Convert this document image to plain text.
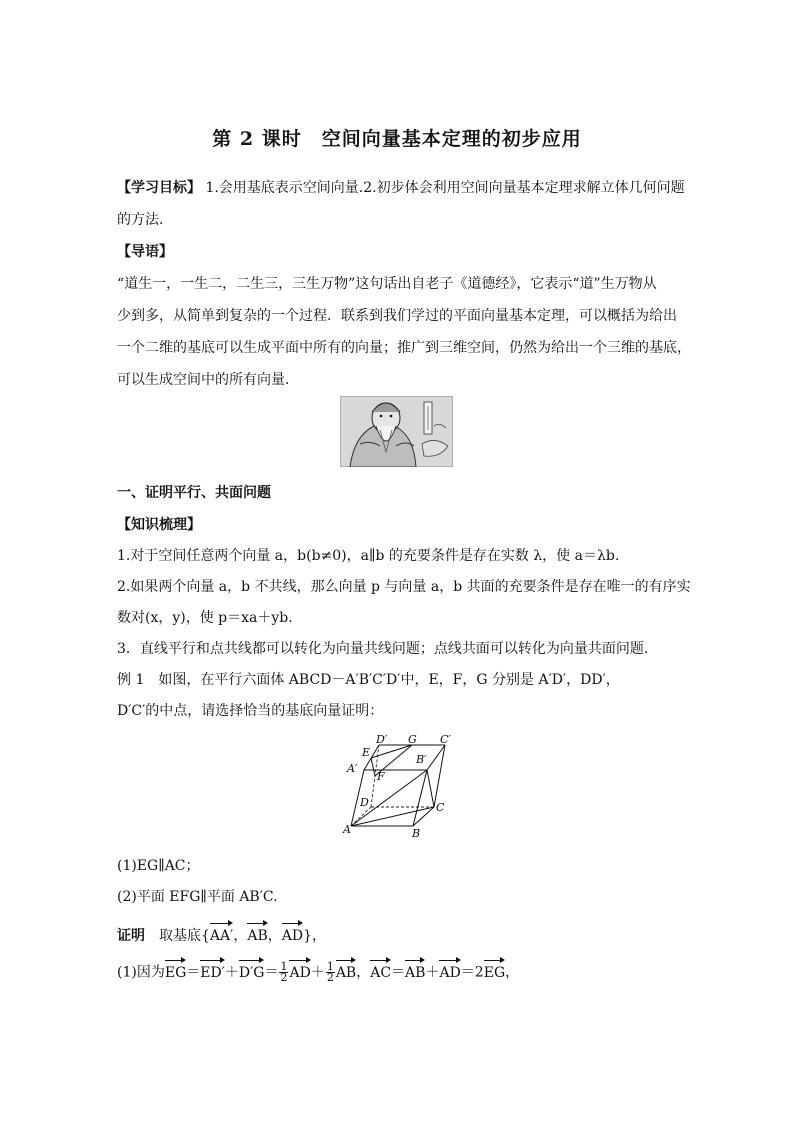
第 2 课时　空间向量基本定理的初步应用
【学习目标】 1.会用基底表示空间向量.2.初步体会利用空间向量基本定理求解立体几何问题
的方法．
【导语】
“道生一，一生二，二生三，三生万物”这句话出自老子《道德经》，它表示“道”生万物从
少到多，从简单到复杂的一个过程．联系到我们学过的平面向量基本定理，可以概括为给出
一个二维的基底可以生成平面中所有的向量；推广到三维空间，仍然为给出一个三维的基底，
可以生成空间中的所有向量．
一、证明平行、共面问题
【知识梳理】
1.对于空间任意两个向量 a，b(b≠0)，a∥b 的充要条件是存在实数 λ，使 a＝λb.
2.如果两个向量 a，b 不共线，那么向量 p 与向量 a，b 共面的充要条件是存在唯一的有序实
数对(x，y)，使 p＝xa＋yb.
3．直线平行和点共线都可以转化为向量共线问题；点线共面可以转化为向量共面问题．
例 1　如图，在平行六面体 ABCD－A′B′C′D′中，E，F，G 分别是 A′D′，DD′，
D′C′的中点，请选择恰当的基底向量证明：
D′ G C′
E
B′
A′
F
D	C
A	B
(1)EG∥AC；
(2)平面 EFG∥平面 AB′C.
证明　取基底{AA′，AB，AD}，
(1)因为$EG=ED'+D'G= \frac{1}{2} AD+ \frac{1}{2}$ AB，AC＝AB＋AD＝2EG，
